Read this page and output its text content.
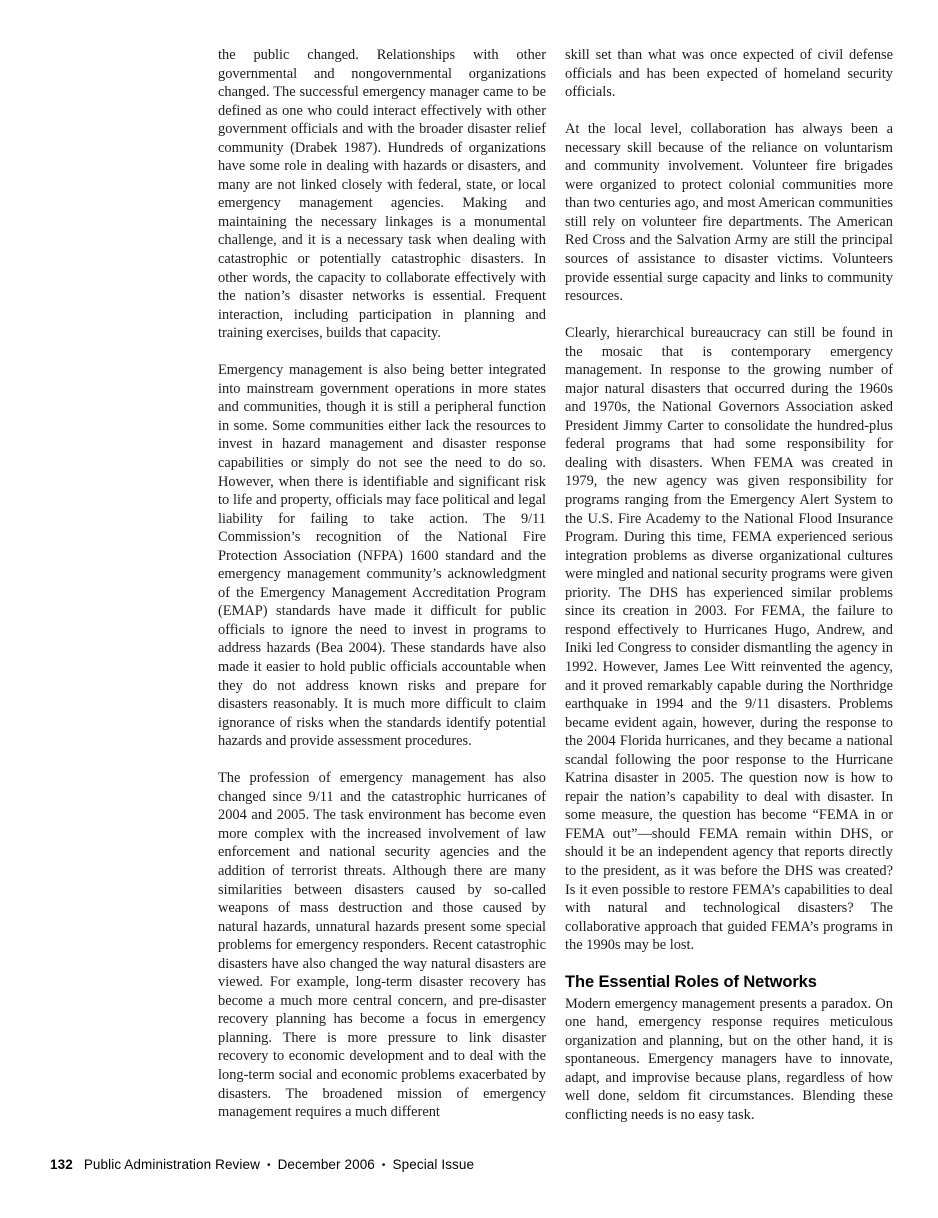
the public changed. Relationships with other governmental and nongovernmental organizations changed. The successful emergency manager came to be defined as one who could interact effectively with other government officials and with the broader disaster relief community (Drabek 1987). Hundreds of organizations have some role in dealing with hazards or disasters, and many are not linked closely with federal, state, or local emergency management agencies. Making and maintaining the necessary linkages is a monumental challenge, and it is a necessary task when dealing with catastrophic or potentially catastrophic disasters. In other words, the capacity to collaborate effectively with the nation’s disaster networks is essential. Frequent interaction, including participation in planning and training exercises, builds that capacity.

Emergency management is also being better integrated into mainstream government operations in more states and communities, though it is still a peripheral function in some. Some communities either lack the resources to invest in hazard management and disaster response capabilities or simply do not see the need to do so. However, when there is identifiable and significant risk to life and property, officials may face political and legal liability for failing to take action. The 9/11 Commission’s recognition of the National Fire Protection Association (NFPA) 1600 standard and the emergency management community’s acknowledgment of the Emergency Management Accreditation Program (EMAP) standards have made it difficult for public officials to ignore the need to invest in programs to address hazards (Bea 2004). These standards have also made it easier to hold public officials accountable when they do not address known risks and prepare for disasters reasonably. It is much more difficult to claim ignorance of risks when the standards identify potential hazards and provide assessment procedures.

The profession of emergency management has also changed since 9/11 and the catastrophic hurricanes of 2004 and 2005. The task environment has become even more complex with the increased involvement of law enforcement and national security agencies and the addition of terrorist threats. Although there are many similarities between disasters caused by so-called weapons of mass destruction and those caused by natural hazards, unnatural hazards present some special problems for emergency responders. Recent catastrophic disasters have also changed the way natural disasters are viewed. For example, long-term disaster recovery has become a much more central concern, and pre-disaster recovery planning has become a focus in emergency planning. There is more pressure to link disaster recovery to economic development and to deal with the long-term social and economic problems exacerbated by disasters. The broadened mission of emergency management requires a much different

skill set than what was once expected of civil defense officials and has been expected of homeland security officials.

At the local level, collaboration has always been a necessary skill because of the reliance on voluntarism and community involvement. Volunteer fire brigades were organized to protect colonial communities more than two centuries ago, and most American communities still rely on volunteer fire departments. The American Red Cross and the Salvation Army are still the principal sources of assistance to disaster victims. Volunteers provide essential surge capacity and links to community resources.

Clearly, hierarchical bureaucracy can still be found in the mosaic that is contemporary emergency management. In response to the growing number of major natural disasters that occurred during the 1960s and 1970s, the National Governors Association asked President Jimmy Carter to consolidate the hundred-plus federal programs that had some responsibility for dealing with disasters. When FEMA was created in 1979, the new agency was given responsibility for programs ranging from the Emergency Alert System to the U.S. Fire Academy to the National Flood Insurance Program. During this time, FEMA experienced serious integration problems as diverse organizational cultures were mingled and national security programs were given priority. The DHS has experienced similar problems since its creation in 2003. For FEMA, the failure to respond effectively to Hurricanes Hugo, Andrew, and Iniki led Congress to consider dismantling the agency in 1992. However, James Lee Witt reinvented the agency, and it proved remarkably capable during the Northridge earthquake in 1994 and the 9/11 disasters. Problems became evident again, however, during the response to the 2004 Florida hurricanes, and they became a national scandal following the poor response to the Hurricane Katrina disaster in 2005. The question now is how to repair the nation’s capability to deal with disaster. In some measure, the question has become “FEMA in or FEMA out”—should FEMA remain within DHS, or should it be an independent agency that reports directly to the president, as it was before the DHS was created? Is it even possible to restore FEMA’s capabilities to deal with natural and technological disasters? The collaborative approach that guided FEMA’s programs in the 1990s may be lost.

The Essential Roles of Networks

Modern emergency management presents a paradox. On one hand, emergency response requires meticulous organization and planning, but on the other hand, it is spontaneous. Emergency managers have to innovate, adapt, and improvise because plans, regardless of how well done, seldom fit circumstances. Blending these conflicting needs is no easy task.

132 Public Administration Review • December 2006 • Special Issue
